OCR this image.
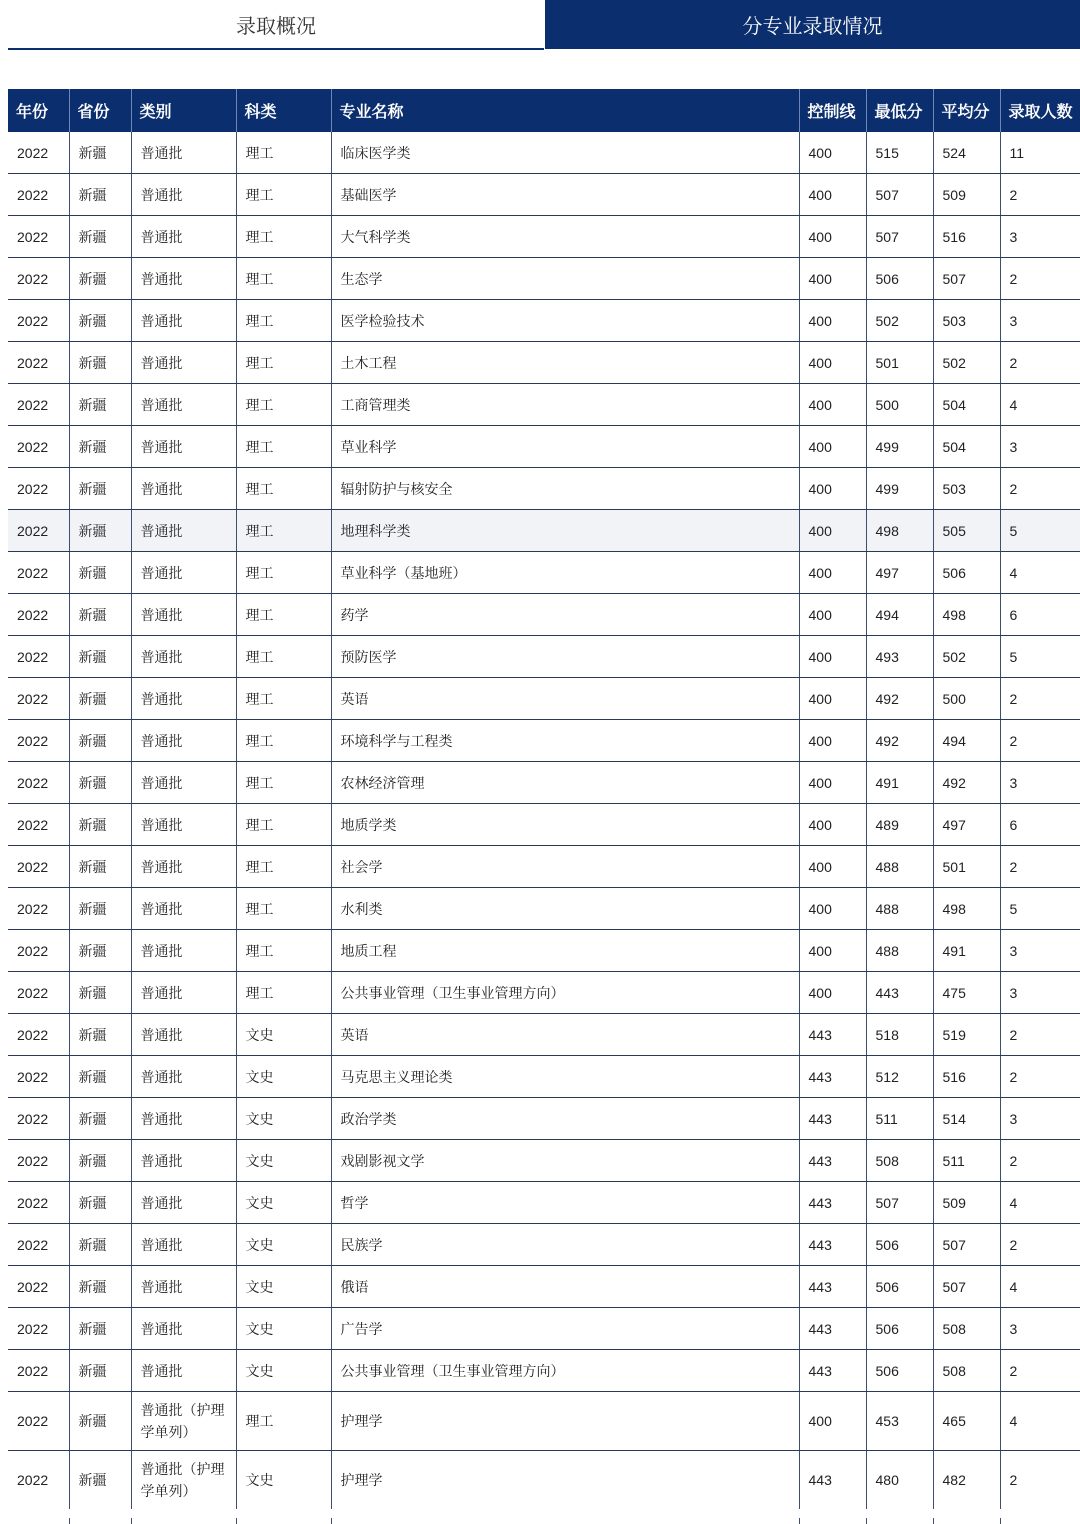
录取概况	分专业录取情况
年份	省份	类别	科类	专业名称	控制线	最低分	平均分	录取人数
2022	新疆	普通批	理工	临床医学类	400	515	524	11
2022	新疆	普通批	理工	基础医学	400	507	509	2
2022	新疆	普通批	理工	大气科学类	400	507	516	3
2022	新疆	普通批	理工	生态学	400	506	507	2
2022	新疆	普通批	理工	医学检验技术	400	502	503	3
2022	新疆	普通批	理工	土木工程	400	501	502	2
2022	新疆	普通批	理工	工商管理类	400	500	504	4
2022	新疆	普通批	理工	草业科学	400	499	504	3
2022	新疆	普通批	理工	辐射防护与核安全	400	499	503	2
2022	新疆	普通批	理工	地理科学类	400	498	505	5
2022	新疆	普通批	理工	草业科学（基地班）	400	497	506	4
2022	新疆	普通批	理工	药学	400	494	498	6
2022	新疆	普通批	理工	预防医学	400	493	502	5
2022	新疆	普通批	理工	英语	400	492	500	2
2022	新疆	普通批	理工	环境科学与工程类	400	492	494	2
2022	新疆	普通批	理工	农林经济管理	400	491	492	3
2022	新疆	普通批	理工	地质学类	400	489	497	6
2022	新疆	普通批	理工	社会学	400	488	501	2
2022	新疆	普通批	理工	水利类	400	488	498	5
2022	新疆	普通批	理工	地质工程	400	488	491	3
2022	新疆	普通批	理工	公共事业管理（卫生事业管理方向）	400	443	475	3
2022	新疆	普通批	文史	英语	443	518	519	2
2022	新疆	普通批	文史	马克思主义理论类	443	512	516	2
2022	新疆	普通批	文史	政治学类	443	511	514	3
2022	新疆	普通批	文史	戏剧影视文学	443	508	511	2
2022	新疆	普通批	文史	哲学	443	507	509	4
2022	新疆	普通批	文史	民族学	443	506	507	2
2022	新疆	普通批	文史	俄语	443	506	507	4
2022	新疆	普通批	文史	广告学	443	506	508	3
2022	新疆	普通批	文史	公共事业管理（卫生事业管理方向）	443	506	508	2
2022	新疆	普通批（护理学单列）	理工	护理学	400	453	465	4
2022	新疆	普通批（护理学单列）	文史	护理学	443	480	482	2
